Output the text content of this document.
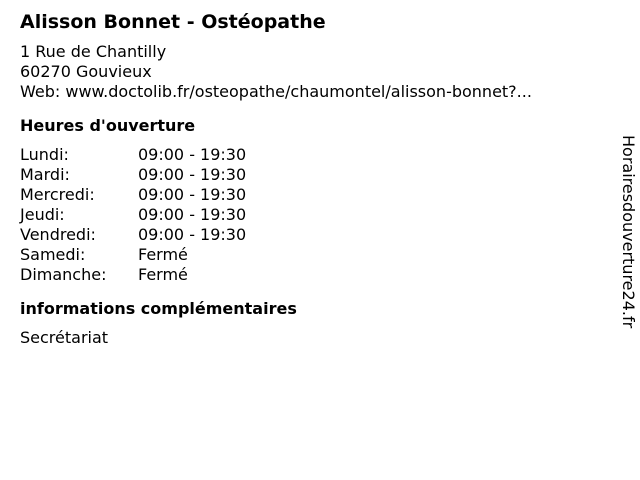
Alisson Bonnet - Ostéopathe
1 Rue de Chantilly
60270 Gouvieux
Web: www.doctolib.fr/osteopathe/chaumontel/alisson-bonnet?...
Heures d'ouverture
Lundi:	09:00 - 19:30
Mardi:	09:00 - 19:30
Mercredi:	09:00 - 19:30
Jeudi:	09:00 - 19:30
Vendredi:	09:00 - 19:30
Samedi:	Fermé
Dimanche:	Fermé
informations complémentaires
Secrétariat
Horairesdouverture24.fr
